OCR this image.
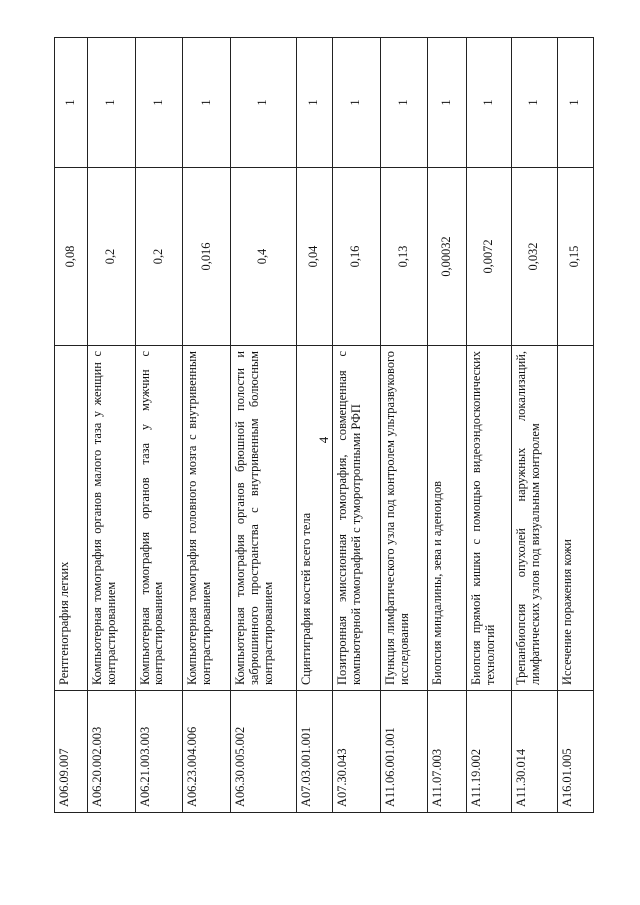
4
A06.09.007	Рентгенография легких	0,08	1
A06.20.002.003	Компьютерная томография органов малого таза у женщин с контрастированием	0,2	1
A06.21.003.003	Компьютерная томография органов таза у мужчин с контрастированием	0,2	1
A06.23.004.006	Компьютерная томография головного мозга с внутривенным контрастированием	0,016	1
A06.30.005.002	Компьютерная томография органов брюшной полости и забрюшинного пространства с внутривенным болюсным контрастированием	0,4	1
A07.03.001.001	Сцинтиграфия костей всего тела	0,04	1
A07.30.043	Позитронная эмиссионная томография, совмещенная с компьютерной томографией с туморотропными РФП	0,16	1
A11.06.001.001	Пункция лимфатического узла под контролем ультразвукового исследования	0,13	1
A11.07.003	Биопсия миндалины, зева и аденоидов	0,00032	1
A11.19.002	Биопсия прямой кишки с помощью видеоэндоскопических технологий	0,0072	1
A11.30.014	Трепанбиопсия опухолей наружных локализаций, лимфатических узлов под визуальным контролем	0,032	1
A16.01.005	Иссечение поражения кожи	0,15	1
